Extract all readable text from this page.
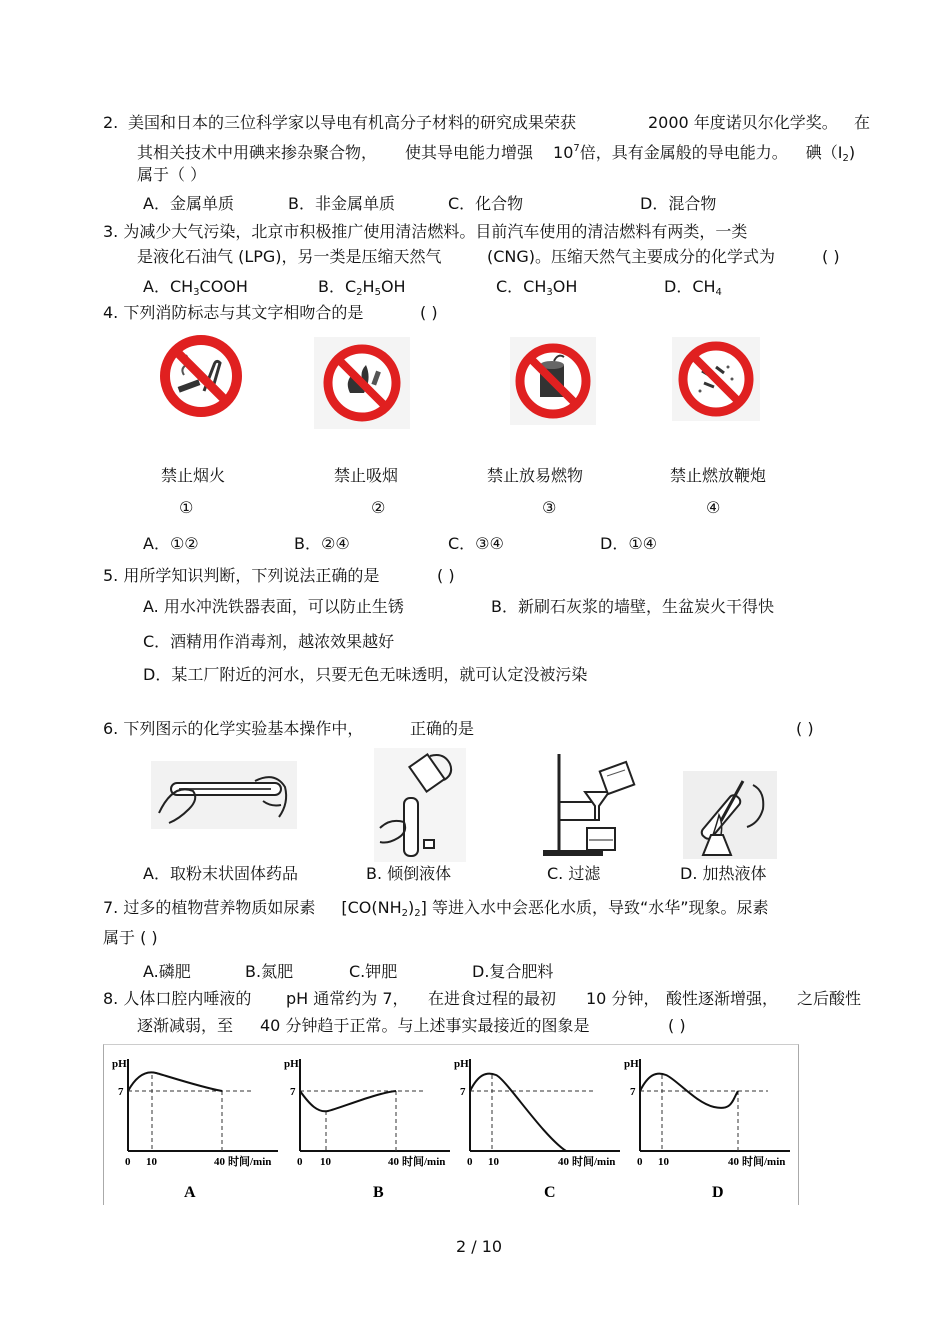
2. 美国和日本的三位科学家以导电有机高分子材料的研究成果荣获	2000 年度诺贝尔化学奖。 在
其相关技术中用碘来掺杂聚合物， 使其导电能力增强 $10^7$倍，具有金属般的导电能力。 碘$(I_2)$
属于（ ）
A．金属单质	B．非金属单质	C．化合物	D．混合物
3. 为减少大气污染，北京市积极推广使用清洁燃料。目前汽车使用的清洁燃料有两类，一类
是液化石油气 (LPG)，另一类是压缩天然气	(CNG)。压缩天然气主要成分的化学式为	( )
A．$CH_3COOH$	B．$C_2H_5OH$	C．$CH_3OH$	D．$CH_4$
4. 下列消防标志与其文字相吻合的是	( )
禁止烟火	禁止吸烟	禁止放易燃物	禁止燃放鞭炮
①	②	③	④
A．①②	B．②④	C．③④	D．①④
5. 用所学知识判断，下列说法正确的是	( )
A. 用水冲洗铁器表面，可以防止生锈	B．新刷石灰浆的墙壁，生盆炭火干得快
C．酒精用作消毒剂，越浓效果越好
D．某工厂附近的河水，只要无色无味透明，就可认定没被污染
6. 下列图示的化学实验基本操作中，	正确的是	( )
A．取粉末状固体药品	B. 倾倒液体	C. 过滤	D. 加热液体
7. 过多的植物营养物质如尿素 $[CO(NH_2)_2]$ 等进入水中会恶化水质，导致“水华”现象。尿素
属于 ( )
A.磷肥	B.氮肥	C.钾肥	D.复合肥料
8. 人体口腔内唾液的 pH 通常约为 7， 在进食过程的最初 10 分钟， 酸性逐渐增强， 之后酸性
逐渐减弱，至 40 分钟趋于正常。与上述事实最接近的图象是	( )
pH
7
0 10	40 时间/min
A
pH
7
0 10	40 时间/min
B
pH
7
0 10	40 时间/min
C
pH
7
0 10	40 时间/min
D
2 / 10
